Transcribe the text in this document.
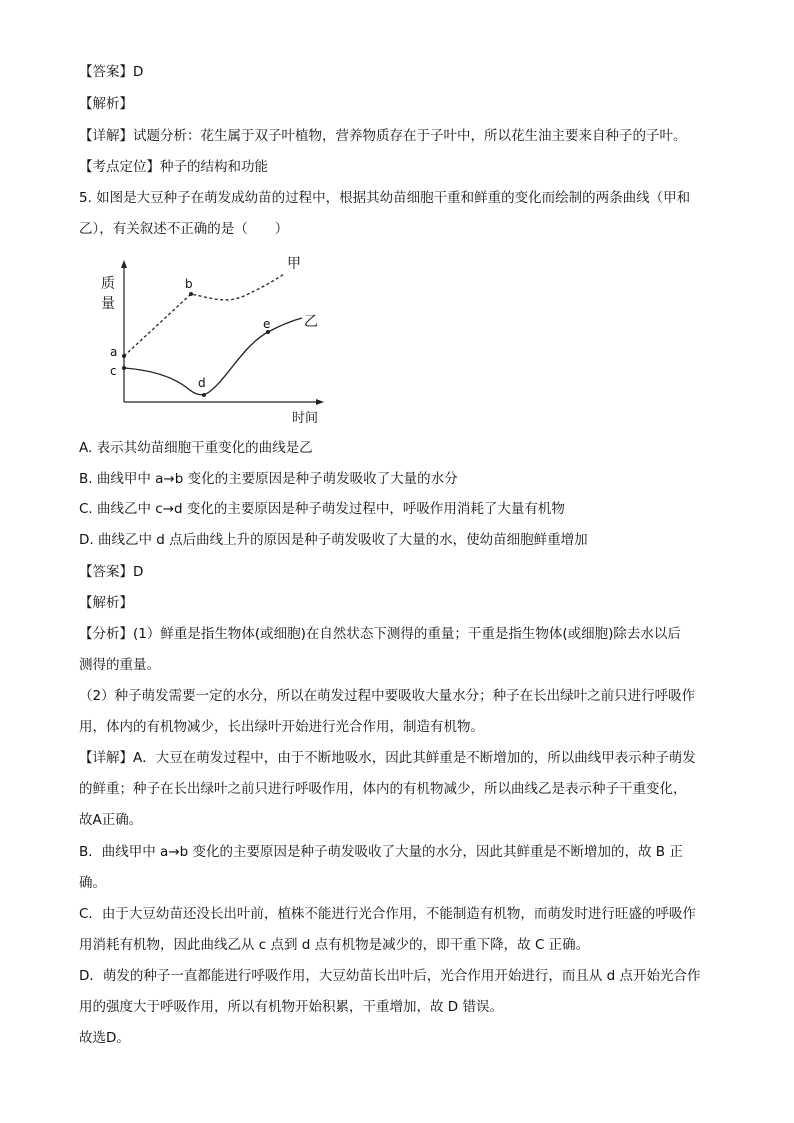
【答案】D
【解析】
【详解】试题分析：花生属于双子叶植物，营养物质存在于子叶中，所以花生油主要来自种子的子叶。
【考点定位】种子的结构和功能
5. 如图是大豆种子在萌发成幼苗的过程中，根据其幼苗细胞干重和鲜重的变化而绘制的两条曲线（甲和
乙），有关叙述不正确的是（　　）
质
量
时间
甲
乙
a
b
c
d
e
A. 表示其幼苗细胞干重变化的曲线是乙
B. 曲线甲中 a→b 变化的主要原因是种子萌发吸收了大量的水分
C. 曲线乙中 c→d 变化的主要原因是种子萌发过程中，呼吸作用消耗了大量有机物
D. 曲线乙中 d 点后曲线上升的原因是种子萌发吸收了大量的水，使幼苗细胞鲜重增加
【答案】D
【解析】
【分析】(1）鲜重是指生物体(或细胞)在自然状态下测得的重量；干重是指生物体(或细胞)除去水以后
测得的重量。
（2）种子萌发需要一定的水分，所以在萌发过程中要吸收大量水分；种子在长出绿叶之前只进行呼吸作
用，体内的有机物减少，长出绿叶开始进行光合作用，制造有机物。
【详解】A．大豆在萌发过程中，由于不断地吸水，因此其鲜重是不断增加的，所以曲线甲表示种子萌发
的鲜重；种子在长出绿叶之前只进行呼吸作用，体内的有机物减少，所以曲线乙是表示种子干重变化，
故A正确。
B．曲线甲中 a→b 变化的主要原因是种子萌发吸收了大量的水分，因此其鲜重是不断增加的，故 B 正
确。
C．由于大豆幼苗还没长出叶前，植株不能进行光合作用，不能制造有机物，而萌发时进行旺盛的呼吸作
用消耗有机物，因此曲线乙从 c 点到 d 点有机物是减少的，即干重下降，故 C 正确。
D．萌发的种子一直都能进行呼吸作用，大豆幼苗长出叶后，光合作用开始进行，而且从 d 点开始光合作
用的强度大于呼吸作用，所以有机物开始积累，干重增加，故 D 错误。
故选D。
